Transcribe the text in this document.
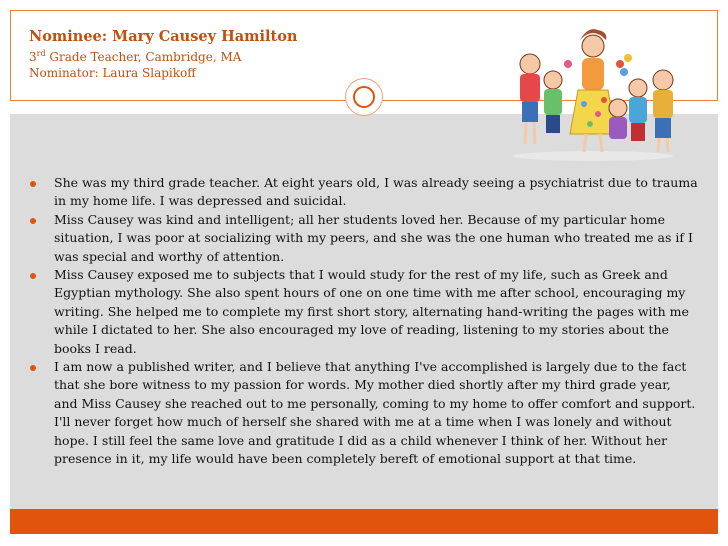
Nominee: Mary Causey Hamilton

3rd Grade Teacher, Cambridge, MA

Nominator: Laura Slapikoff

She was my third grade teacher. At eight years old, I was already seeing a psychiatrist due to trauma in my home life. I was depressed and suicidal.
Miss Causey was kind and intelligent; all her students loved her. Because of my particular home situation, I was poor at socializing with my peers, and she was the one human who treated me as if I was special and worthy of attention.
Miss Causey exposed me to subjects that I would study for the rest of my life, such as Greek and Egyptian mythology. She also spent hours of one on one time with me after school, encouraging my writing. She helped me to complete my first short story, alternating hand-writing the pages with me while I dictated to her. She also encouraged my love of reading, listening to my stories about the books I read.
I am now a published writer, and I believe that anything I've accomplished is largely due to the fact that she bore witness to my passion for words. My mother died shortly after my third grade year, and Miss Causey she reached out to me personally, coming to my home to offer comfort and support. I'll never forget how much of herself she shared with me at a time when I was lonely and without hope. I still feel the same love and gratitude I did as a child whenever I think of her. Without her presence in it, my life would have been completely bereft of emotional support at that time.
